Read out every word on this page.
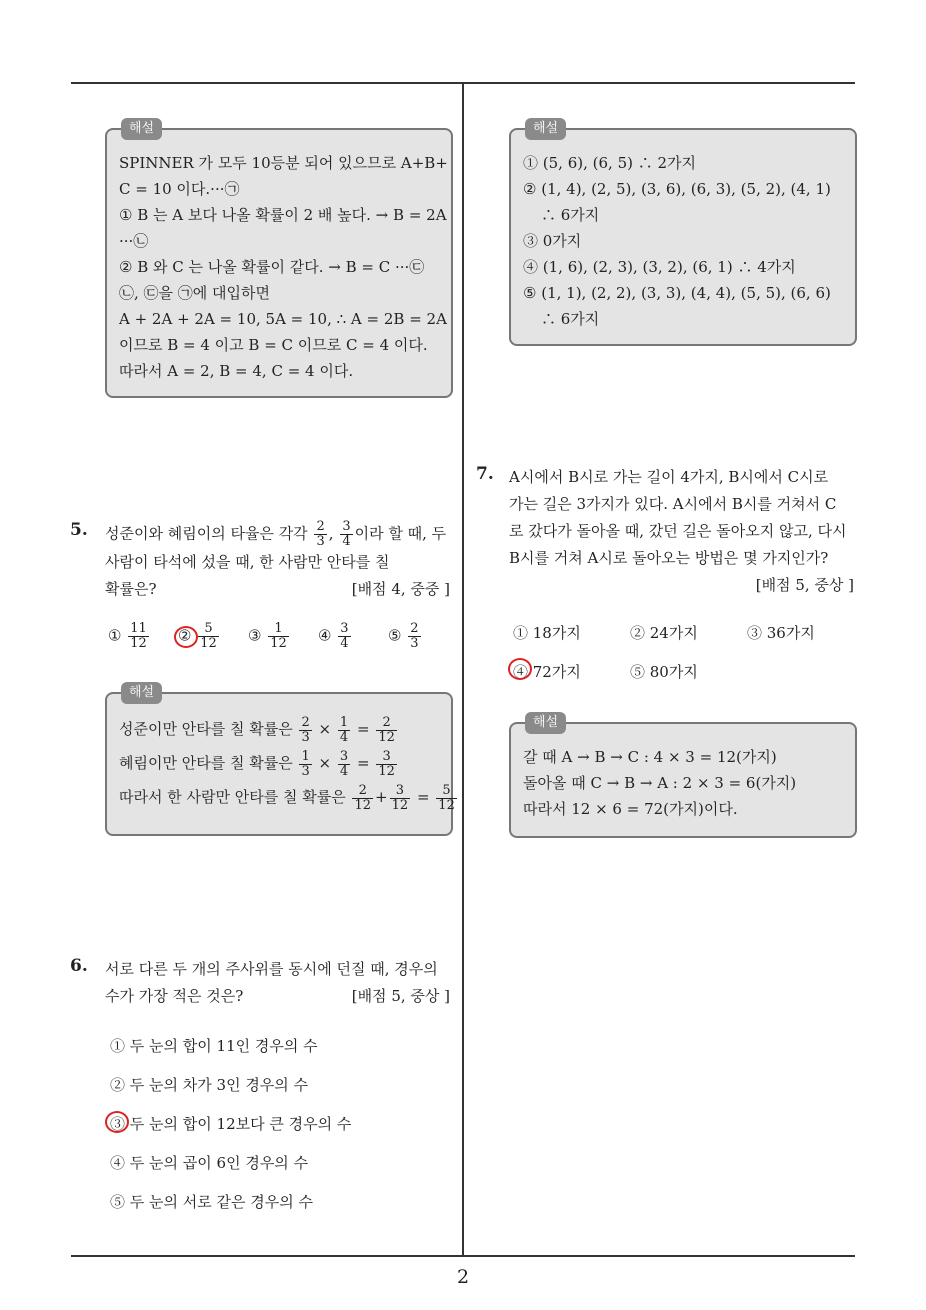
해설
SPINNER 가 모두 10등분 되어 있으므로 A+B+
C = 10 이다.···㉠
① B 는 A 보다 나올 확률이 2 배 높다. → B = 2A
···㉡
② B 와 C 는 나올 확률이 같다. → B = C ···㉢
㉡, ㉢을 ㉠에 대입하면
A + 2A + 2A = 10, 5A = 10, ∴ A = 2B = 2A
이므로 B = 4 이고 B = C 이므로 C = 4 이다.
따라서 A = 2, B = 4, C = 4 이다.
5. 성준이와 혜림이의 타율은 각각 $\frac{2}{3}$ , $\frac{3}{4}$ 이라 할 때, 두
사람이 타석에 섰을 때, 한 사람만 안타를 칠
확률은?	[배점 4, 중중 ]
① $\frac{11}{12}$ ② $\frac{5}{12}$ ③ $\frac{1}{12}$ ④ $\frac{3}{4}$ ⑤ $\frac{2}{3}$
해설
성준이만 안타를 칠 확률은 $\frac{2}{3} \times \frac{1}{4} = \frac{2}{12}$
혜림이만 안타를 칠 확률은 $\frac{1}{3} \times \frac{3}{4} = \frac{3}{12}$
따라서 한 사람만 안타를 칠 확률은 $\frac{2}{12} + \frac{3}{12} = \frac{5}{12}$
6. 서로 다른 두 개의 주사위를 동시에 던질 때, 경우의
수가 가장 적은 것은?	[배점 5, 중상 ]
① 두 눈의 합이 11인 경우의 수
② 두 눈의 차가 3인 경우의 수
③ 두 눈의 합이 12보다 큰 경우의 수
④ 두 눈의 곱이 6인 경우의 수
⑤ 두 눈의 서로 같은 경우의 수
해설
① (5, 6), (6, 5) ∴ 2가지
② (1, 4), (2, 5), (3, 6), (6, 3), (5, 2), (4, 1)
∴ 6가지
③ 0가지
④ (1, 6), (2, 3), (3, 2), (6, 1) ∴ 4가지
⑤ (1, 1), (2, 2), (3, 3), (4, 4), (5, 5), (6, 6)
∴ 6가지
7. A시에서 B시로 가는 길이 4가지, B시에서 C시로
가는 길은 3가지가 있다. A시에서 B시를 거쳐서 C
로 갔다가 돌아올 때, 갔던 길은 돌아오지 않고, 다시
B시를 거쳐 A시로 돌아오는 방법은 몇 가지인가?
[배점 5, 중상 ]
① 18가지	② 24가지	③ 36가지
④ 72가지	⑤ 80가지
해설
갈 때 A → B → C : 4 × 3 = 12(가지)
돌아올 때 C → B → A : 2 × 3 = 6(가지)
따라서 12 × 6 = 72(가지)이다.
2
